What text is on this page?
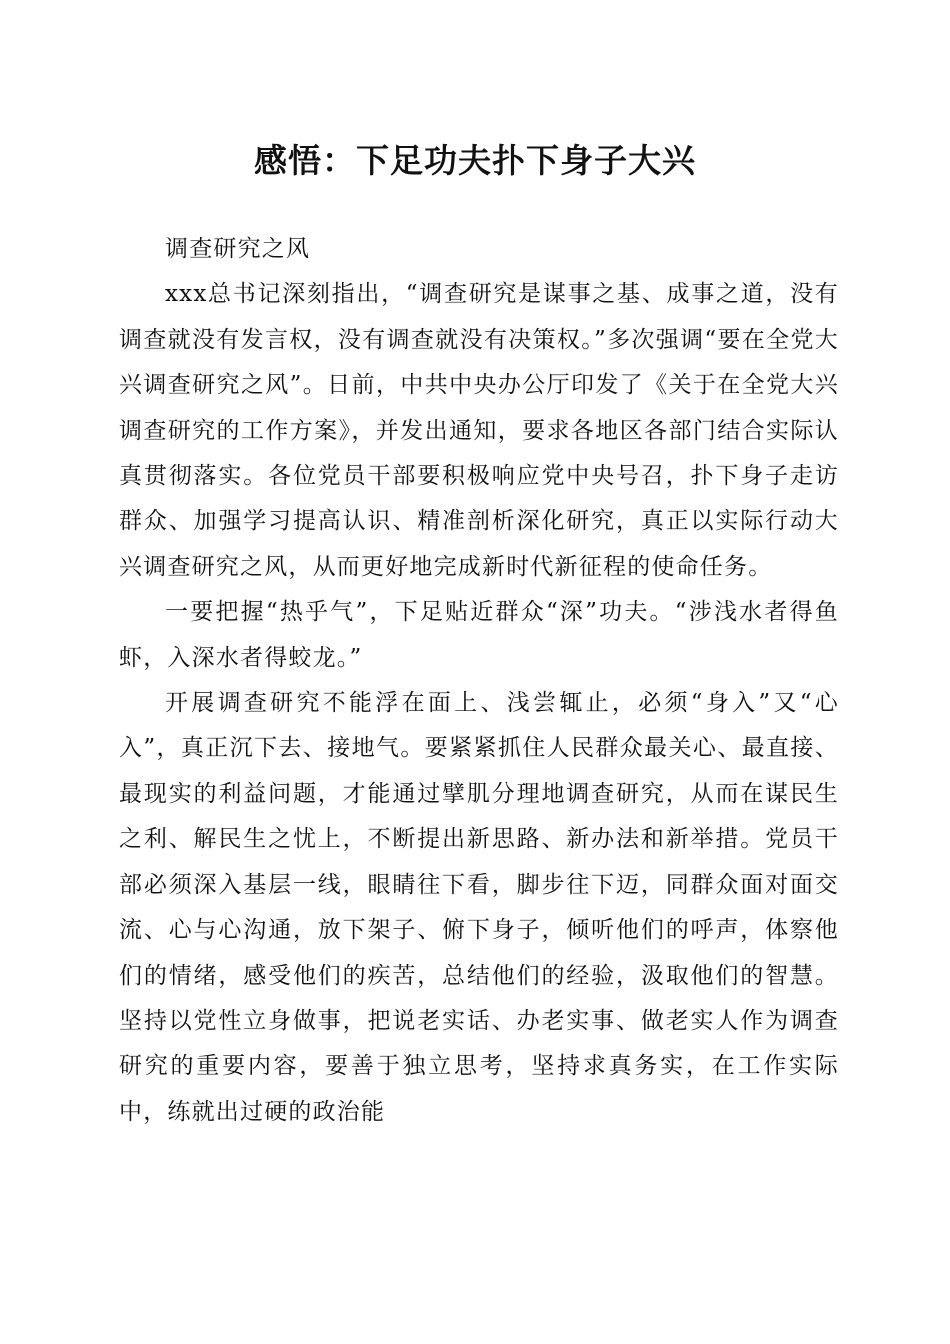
感悟：下足功夫扑下身子大兴

调查研究之风

xxx总书记深刻指出，“调查研究是谋事之基、成事之道，没有调查就没有发言权，没有调查就没有决策权。”多次强调“要在全党大兴调查研究之风”。日前，中共中央办公厅印发了《关于在全党大兴调查研究的工作方案》，并发出通知，要求各地区各部门结合实际认真贯彻落实。各位党员干部要积极响应党中央号召，扑下身子走访群众、加强学习提高认识、精准剖析深化研究，真正以实际行动大兴调查研究之风，从而更好地完成新时代新征程的使命任务。

一要把握“热乎气”，下足贴近群众“深”功夫。“涉浅水者得鱼虾，入深水者得蛟龙。”

开展调查研究不能浮在面上、浅尝辄止，必须“身入”又“心入”，真正沉下去、接地气。要紧紧抓住人民群众最关心、最直接、最现实的利益问题，才能通过擘肌分理地调查研究，从而在谋民生之利、解民生之忧上，不断提出新思路、新办法和新举措。党员干部必须深入基层一线，眼睛往下看，脚步往下迈，同群众面对面交流、心与心沟通，放下架子、俯下身子，倾听他们的呼声，体察他们的情绪，感受他们的疾苦，总结他们的经验，汲取他们的智慧。坚持以党性立身做事，把说老实话、办老实事、做老实人作为调查研究的重要内容，要善于独立思考，坚持求真务实，在工作实际中，练就出过硬的政治能
